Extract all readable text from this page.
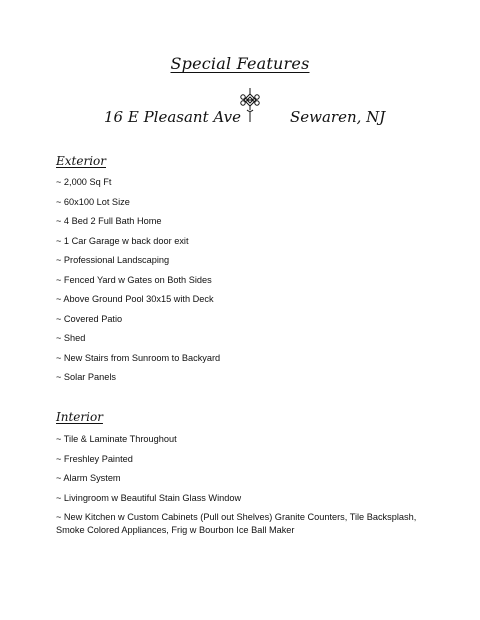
Special Features
16 E Pleasant Ave	Sewaren, NJ
Exterior
~ 2,000 Sq Ft
~ 60x100 Lot Size
~ 4 Bed 2 Full Bath Home
~ 1 Car Garage w back door exit
~ Professional Landscaping
~ Fenced Yard w Gates on Both Sides
~ Above Ground Pool 30x15 with Deck
~ Covered Patio
~ Shed
~ New Stairs from Sunroom to Backyard
~ Solar Panels
Interior
~ Tile & Laminate Throughout
~ Freshley Painted
~ Alarm System
~ Livingroom w Beautiful Stain Glass Window
~ New Kitchen w Custom Cabinets (Pull out Shelves) Granite Counters, Tile Backsplash, Smoke Colored Appliances, Frig w Bourbon Ice Ball Maker
